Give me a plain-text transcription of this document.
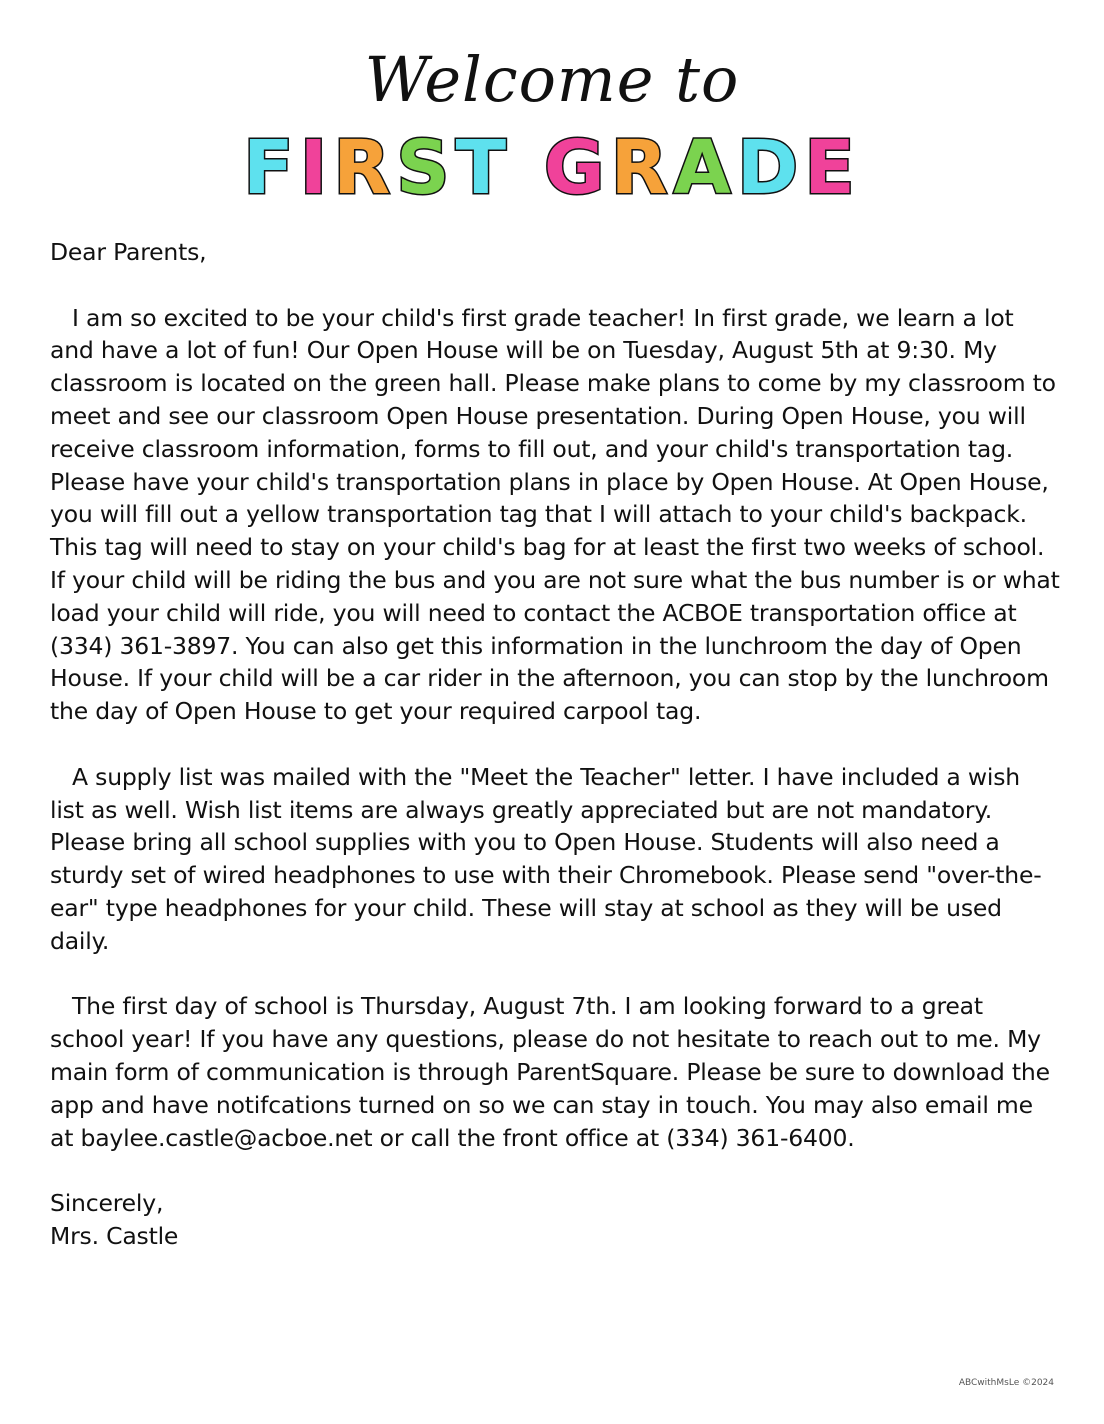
Welcome to
FIRST GRADE

Dear Parents,

I am so excited to be your child's first grade teacher! In first grade, we learn a lot and have a lot of fun! Our Open House will be on Tuesday, August 5th at 9:30. My classroom is located on the green hall. Please make plans to come by my classroom to meet and see our classroom Open House presentation. During Open House, you will receive classroom information, forms to fill out, and your child's transportation tag. Please have your child's transportation plans in place by Open House. At Open House, you will fill out a yellow transportation tag that I will attach to your child's backpack. This tag will need to stay on your child's bag for at least the first two weeks of school. If your child will be riding the bus and you are not sure what the bus number is or what load your child will ride, you will need to contact the ACBOE transportation office at (334) 361-3897. You can also get this information in the lunchroom the day of Open House. If your child will be a car rider in the afternoon, you can stop by the lunchroom the day of Open House to get your required carpool tag.

A supply list was mailed with the "Meet the Teacher" letter. I have included a wish list as well. Wish list items are always greatly appreciated but are not mandatory. Please bring all school supplies with you to Open House. Students will also need a sturdy set of wired headphones to use with their Chromebook. Please send "over-the-ear" type headphones for your child. These will stay at school as they will be used daily.

The first day of school is Thursday, August 7th. I am looking forward to a great school year! If you have any questions, please do not hesitate to reach out to me. My main form of communication is through ParentSquare. Please be sure to download the app and have notifcations turned on so we can stay in touch. You may also email me at baylee.castle@acboe.net or call the front office at (334) 361-6400.

Sincerely,

Mrs. Castle

ABCwithMsLe ©2024
